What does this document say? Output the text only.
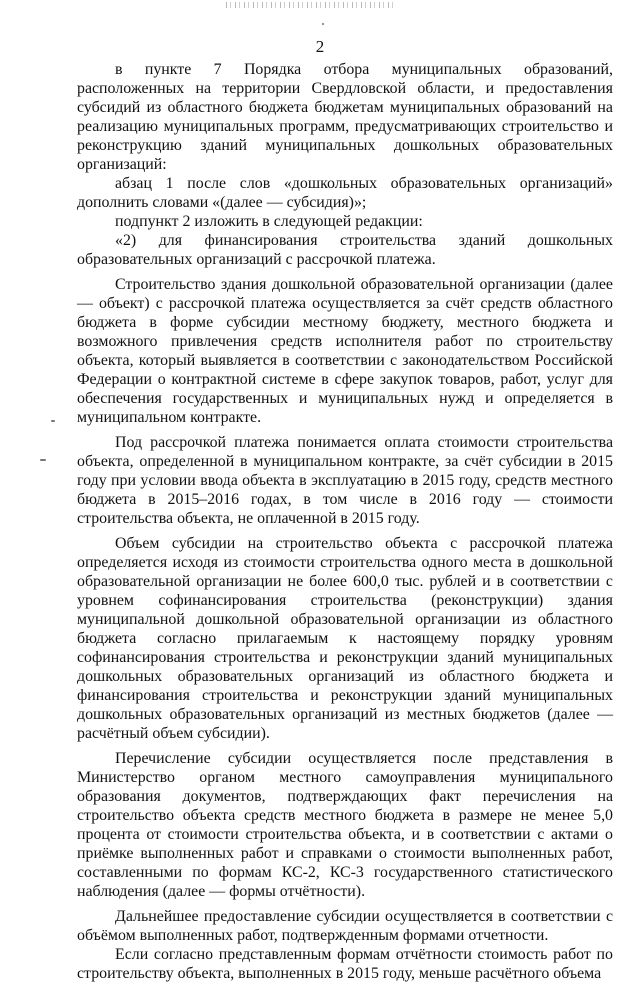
2

в пункте 7 Порядка отбора муниципальных образований, расположенных на территории Свердловской области, и предоставления субсидий из областного бюджета бюджетам муниципальных образований на реализацию муниципальных программ, предусматривающих строительство и реконструкцию зданий муниципальных дошкольных образовательных организаций:

абзац 1 после слов «дошкольных образовательных организаций» дополнить словами «(далее — субсидия)»;

подпункт 2 изложить в следующей редакции:

«2) для финансирования строительства зданий дошкольных образовательных организаций с рассрочкой платежа.

Строительство здания дошкольной образовательной организации (далее — объект) с рассрочкой платежа осуществляется за счёт средств областного бюджета в форме субсидии местному бюджету, местного бюджета и возможного привлечения средств исполнителя работ по строительству объекта, который выявляется в соответствии с законодательством Российской Федерации о контрактной системе в сфере закупок товаров, работ, услуг для обеспечения государственных и муниципальных нужд и определяется в муниципальном контракте.

Под рассрочкой платежа понимается оплата стоимости строительства объекта, определенной в муниципальном контракте, за счёт субсидии в 2015 году при условии ввода объекта в эксплуатацию в 2015 году, средств местного бюджета в 2015–2016 годах, в том числе в 2016 году — стоимости строительства объекта, не оплаченной в 2015 году.

Объем субсидии на строительство объекта с рассрочкой платежа определяется исходя из стоимости строительства одного места в дошкольной образовательной организации не более 600,0 тыс. рублей и в соответствии с уровнем софинансирования строительства (реконструкции) здания муниципальной дошкольной образовательной организации из областного бюджета согласно прилагаемым к настоящему порядку уровням софинансирования строительства и реконструкции зданий муниципальных дошкольных образовательных организаций из областного бюджета и финансирования строительства и реконструкции зданий муниципальных дошкольных образовательных организаций из местных бюджетов (далее — расчётный объем субсидии).

Перечисление субсидии осуществляется после представления в Министерство органом местного самоуправления муниципального образования документов, подтверждающих факт перечисления на строительство объекта средств местного бюджета в размере не менее 5,0 процента от стоимости строительства объекта, и в соответствии с актами о приёмке выполненных работ и справками о стоимости выполненных работ, составленными по формам КС-2, КС-3 государственного статистического наблюдения (далее — формы отчётности).

Дальнейшее предоставление субсидии осуществляется в соответствии с объёмом выполненных работ, подтвержденным формами отчетности.

Если согласно представленным формам отчётности стоимость работ по строительству объекта, выполненных в 2015 году, меньше расчётного объема
